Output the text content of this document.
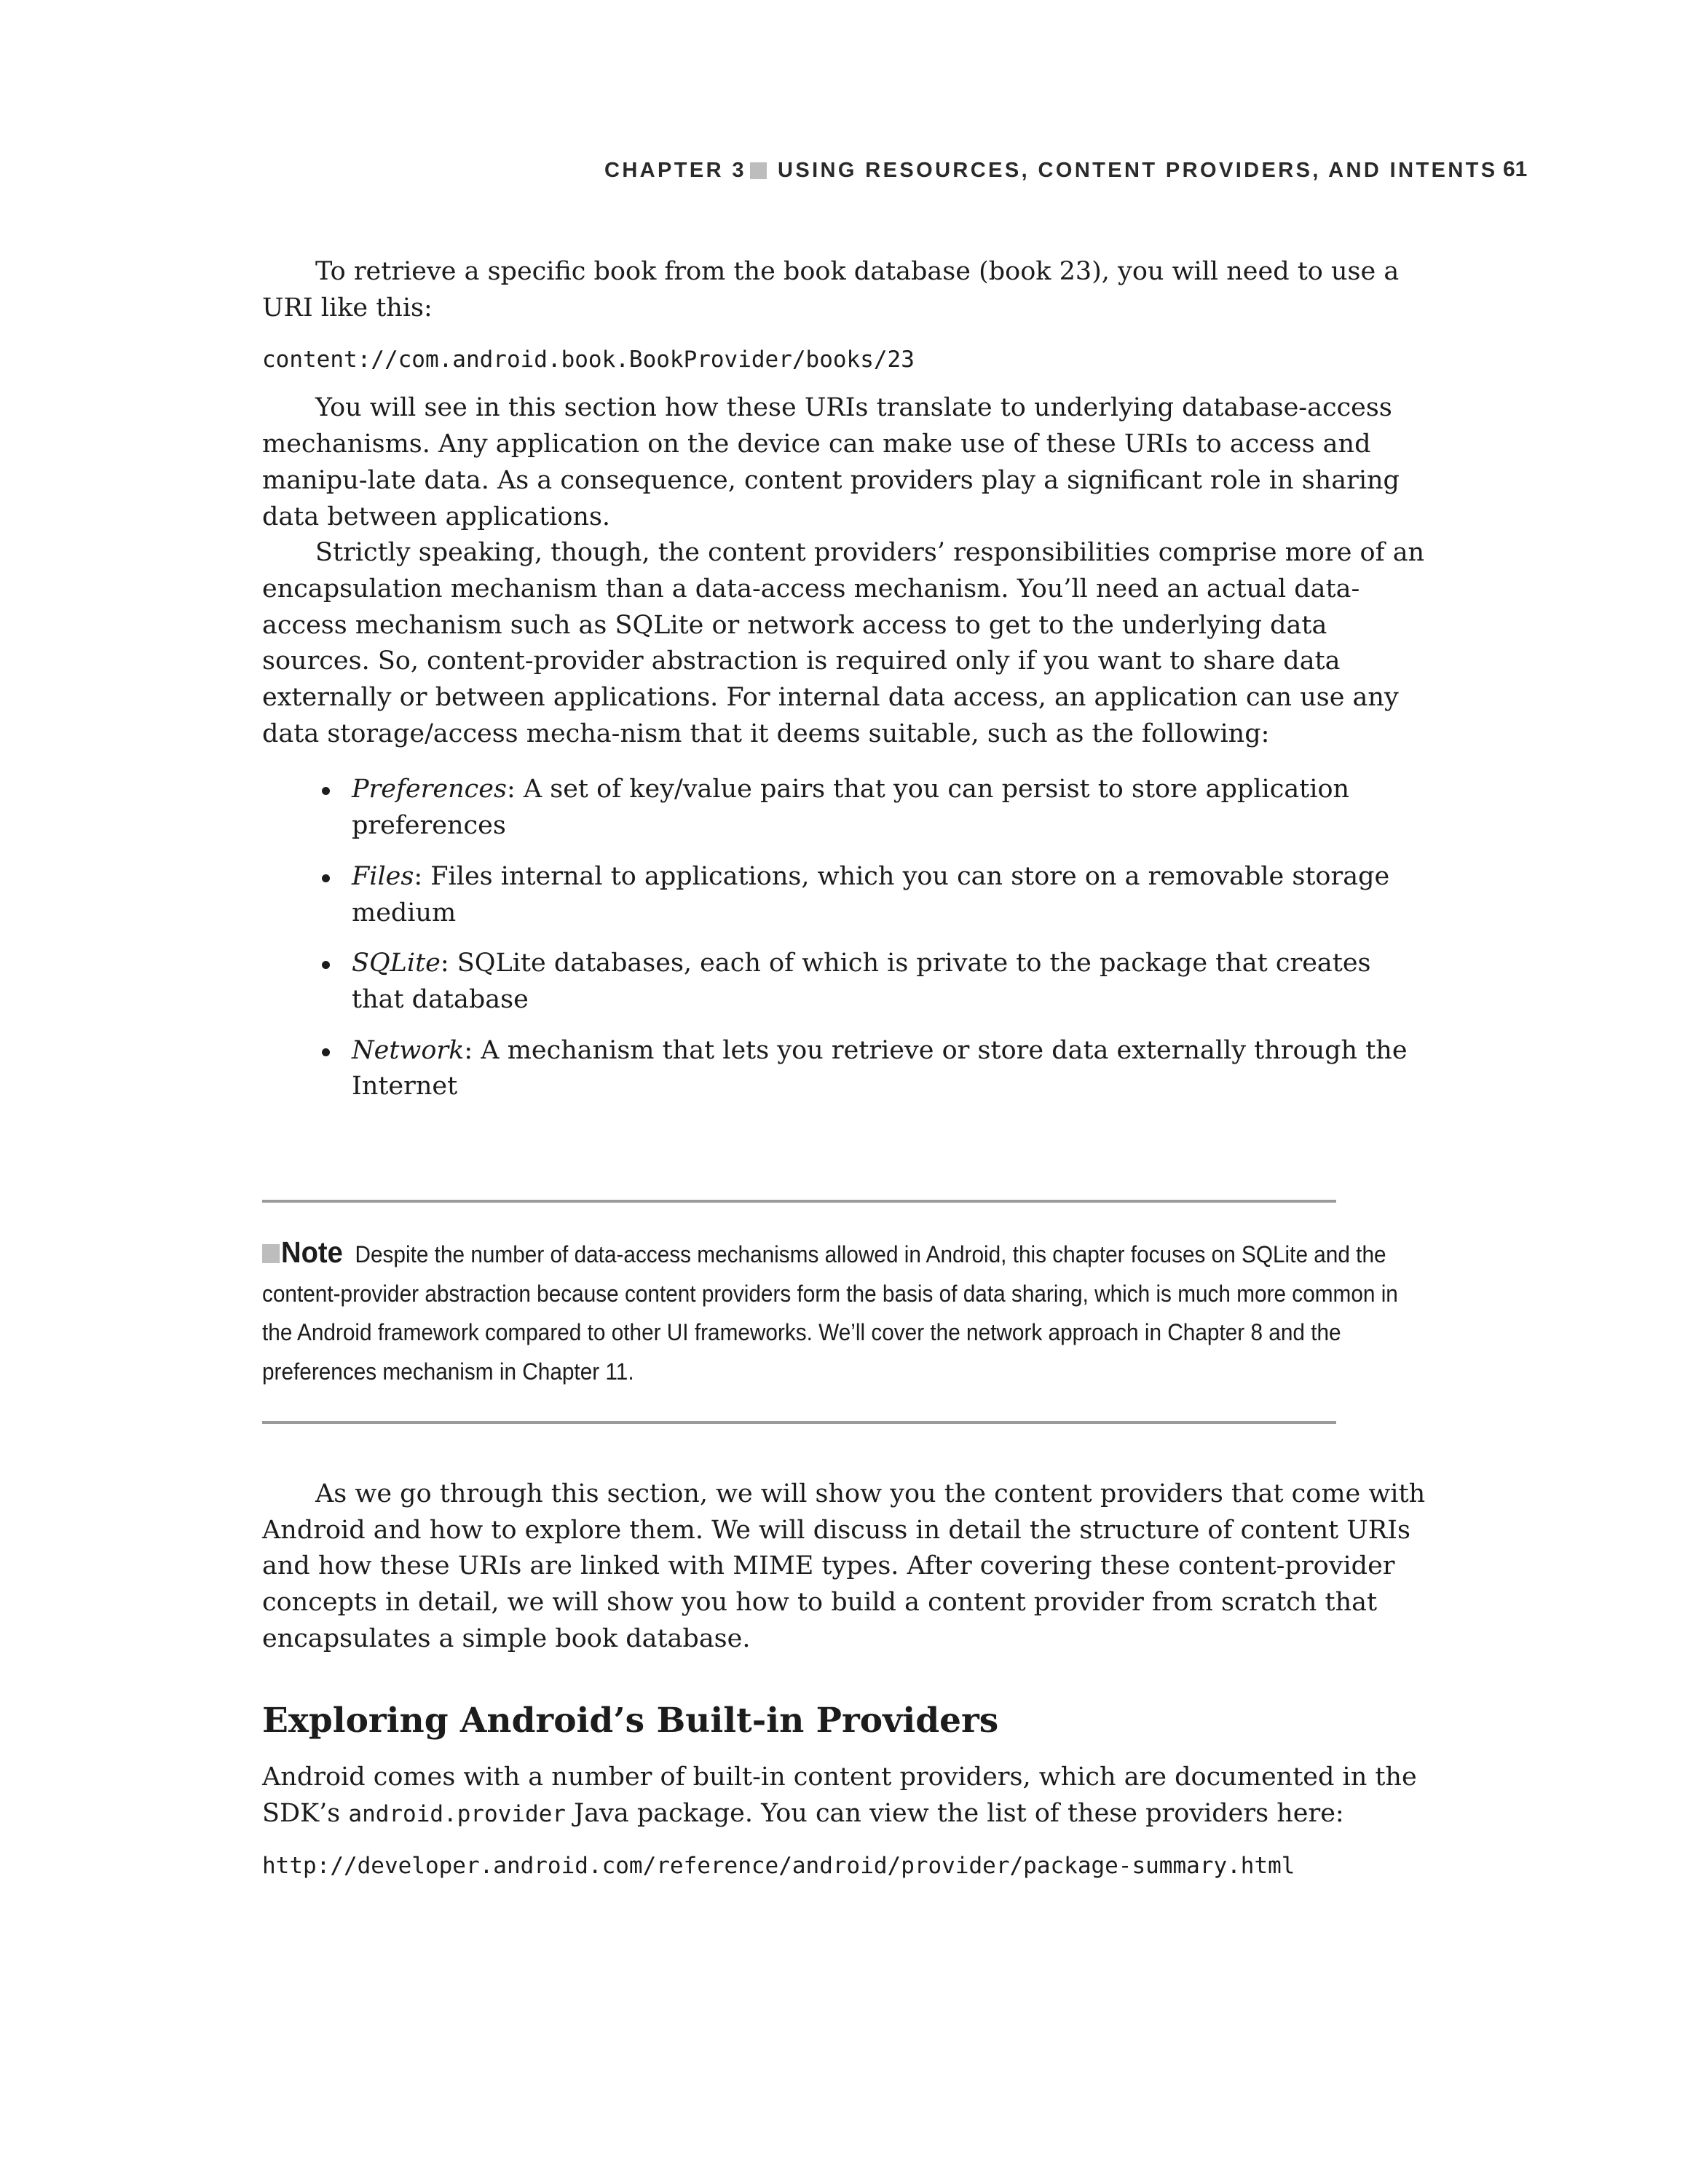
CHAPTER 3 USING RESOURCES, CONTENT PROVIDERS, AND INTENTS 61

To retrieve a specific book from the book database (book 23), you will need to use a URI like this:

content://com.android.book.BookProvider/books/23

You will see in this section how these URIs translate to underlying database-access mechanisms. Any application on the device can make use of these URIs to access and manipu-late data. As a consequence, content providers play a significant role in sharing data between applications.

Strictly speaking, though, the content providers’ responsibilities comprise more of an encapsulation mechanism than a data-access mechanism. You’ll need an actual data-access mechanism such as SQLite or network access to get to the underlying data sources. So, content-provider abstraction is required only if you want to share data externally or between applications. For internal data access, an application can use any data storage/access mecha-nism that it deems suitable, such as the following:

Preferences: A set of key/value pairs that you can persist to store application preferences
Files: Files internal to applications, which you can store on a removable storage medium
SQLite: SQLite databases, each of which is private to the package that creates that database
Network: A mechanism that lets you retrieve or store data externally through the Internet
Note Despite the number of data-access mechanisms allowed in Android, this chapter focuses on SQLite and the content-provider abstraction because content providers form the basis of data sharing, which is much more common in the Android framework compared to other UI frameworks. We’ll cover the network approach in Chapter 8 and the preferences mechanism in Chapter 11.

As we go through this section, we will show you the content providers that come with Android and how to explore them. We will discuss in detail the structure of content URIs and how these URIs are linked with MIME types. After covering these content-provider concepts in detail, we will show you how to build a content provider from scratch that encapsulates a simple book database.

Exploring Android’s Built-in Providers

Android comes with a number of built-in content providers, which are documented in the SDK’s android.provider Java package. You can view the list of these providers here:

http://developer.android.com/reference/android/provider/package-summary.html
